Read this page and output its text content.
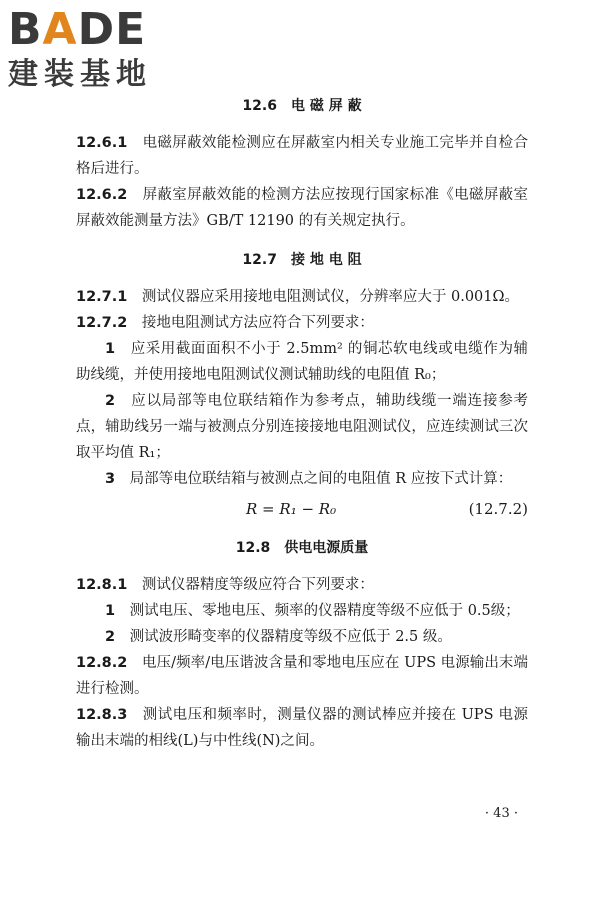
BADE
建装基地
12.6　电 磁 屏 蔽

12.6.1　 电磁屏蔽效能检测应在屏蔽室内相关专业施工完毕并自检合格后进行。

12.6.2　 屏蔽室屏蔽效能的检测方法应按现行国家标准《电磁屏蔽室屏蔽效能测量方法》GB/T 12190 的有关规定执行。

12.7　接 地 电 阻

12.7.1　 测试仪器应采用接地电阻测试仪，分辨率应大于 0.001Ω。

12.7.2　 接地电阻测试方法应符合下列要求：

1　 应采用截面面积不小于 2.5mm² 的铜芯软电线或电缆作为辅助线缆，并使用接地电阻测试仪测试辅助线的电阻值 R₀；

2　 应以局部等电位联结箱作为参考点，辅助线缆一端连接参考点，辅助线另一端与被测点分别连接接地电阻测试仪，应连续测试三次取平均值 R₁；

3　 局部等电位联结箱与被测点之间的电阻值 R 应按下式计算：

R = R₁ − R₀	(12.7.2)
12.8　供电电源质量

12.8.1　 测试仪器精度等级应符合下列要求：

1　 测试电压、零地电压、频率的仪器精度等级不应低于 0.5级；

2　 测试波形畸变率的仪器精度等级不应低于 2.5 级。

12.8.2　 电压/频率/电压谐波含量和零地电压应在 UPS 电源输出末端进行检测。

12.8.3　 测试电压和频率时，测量仪器的测试棒应并接在 UPS 电源输出末端的相线(L)与中性线(N)之间。

· 43 ·
